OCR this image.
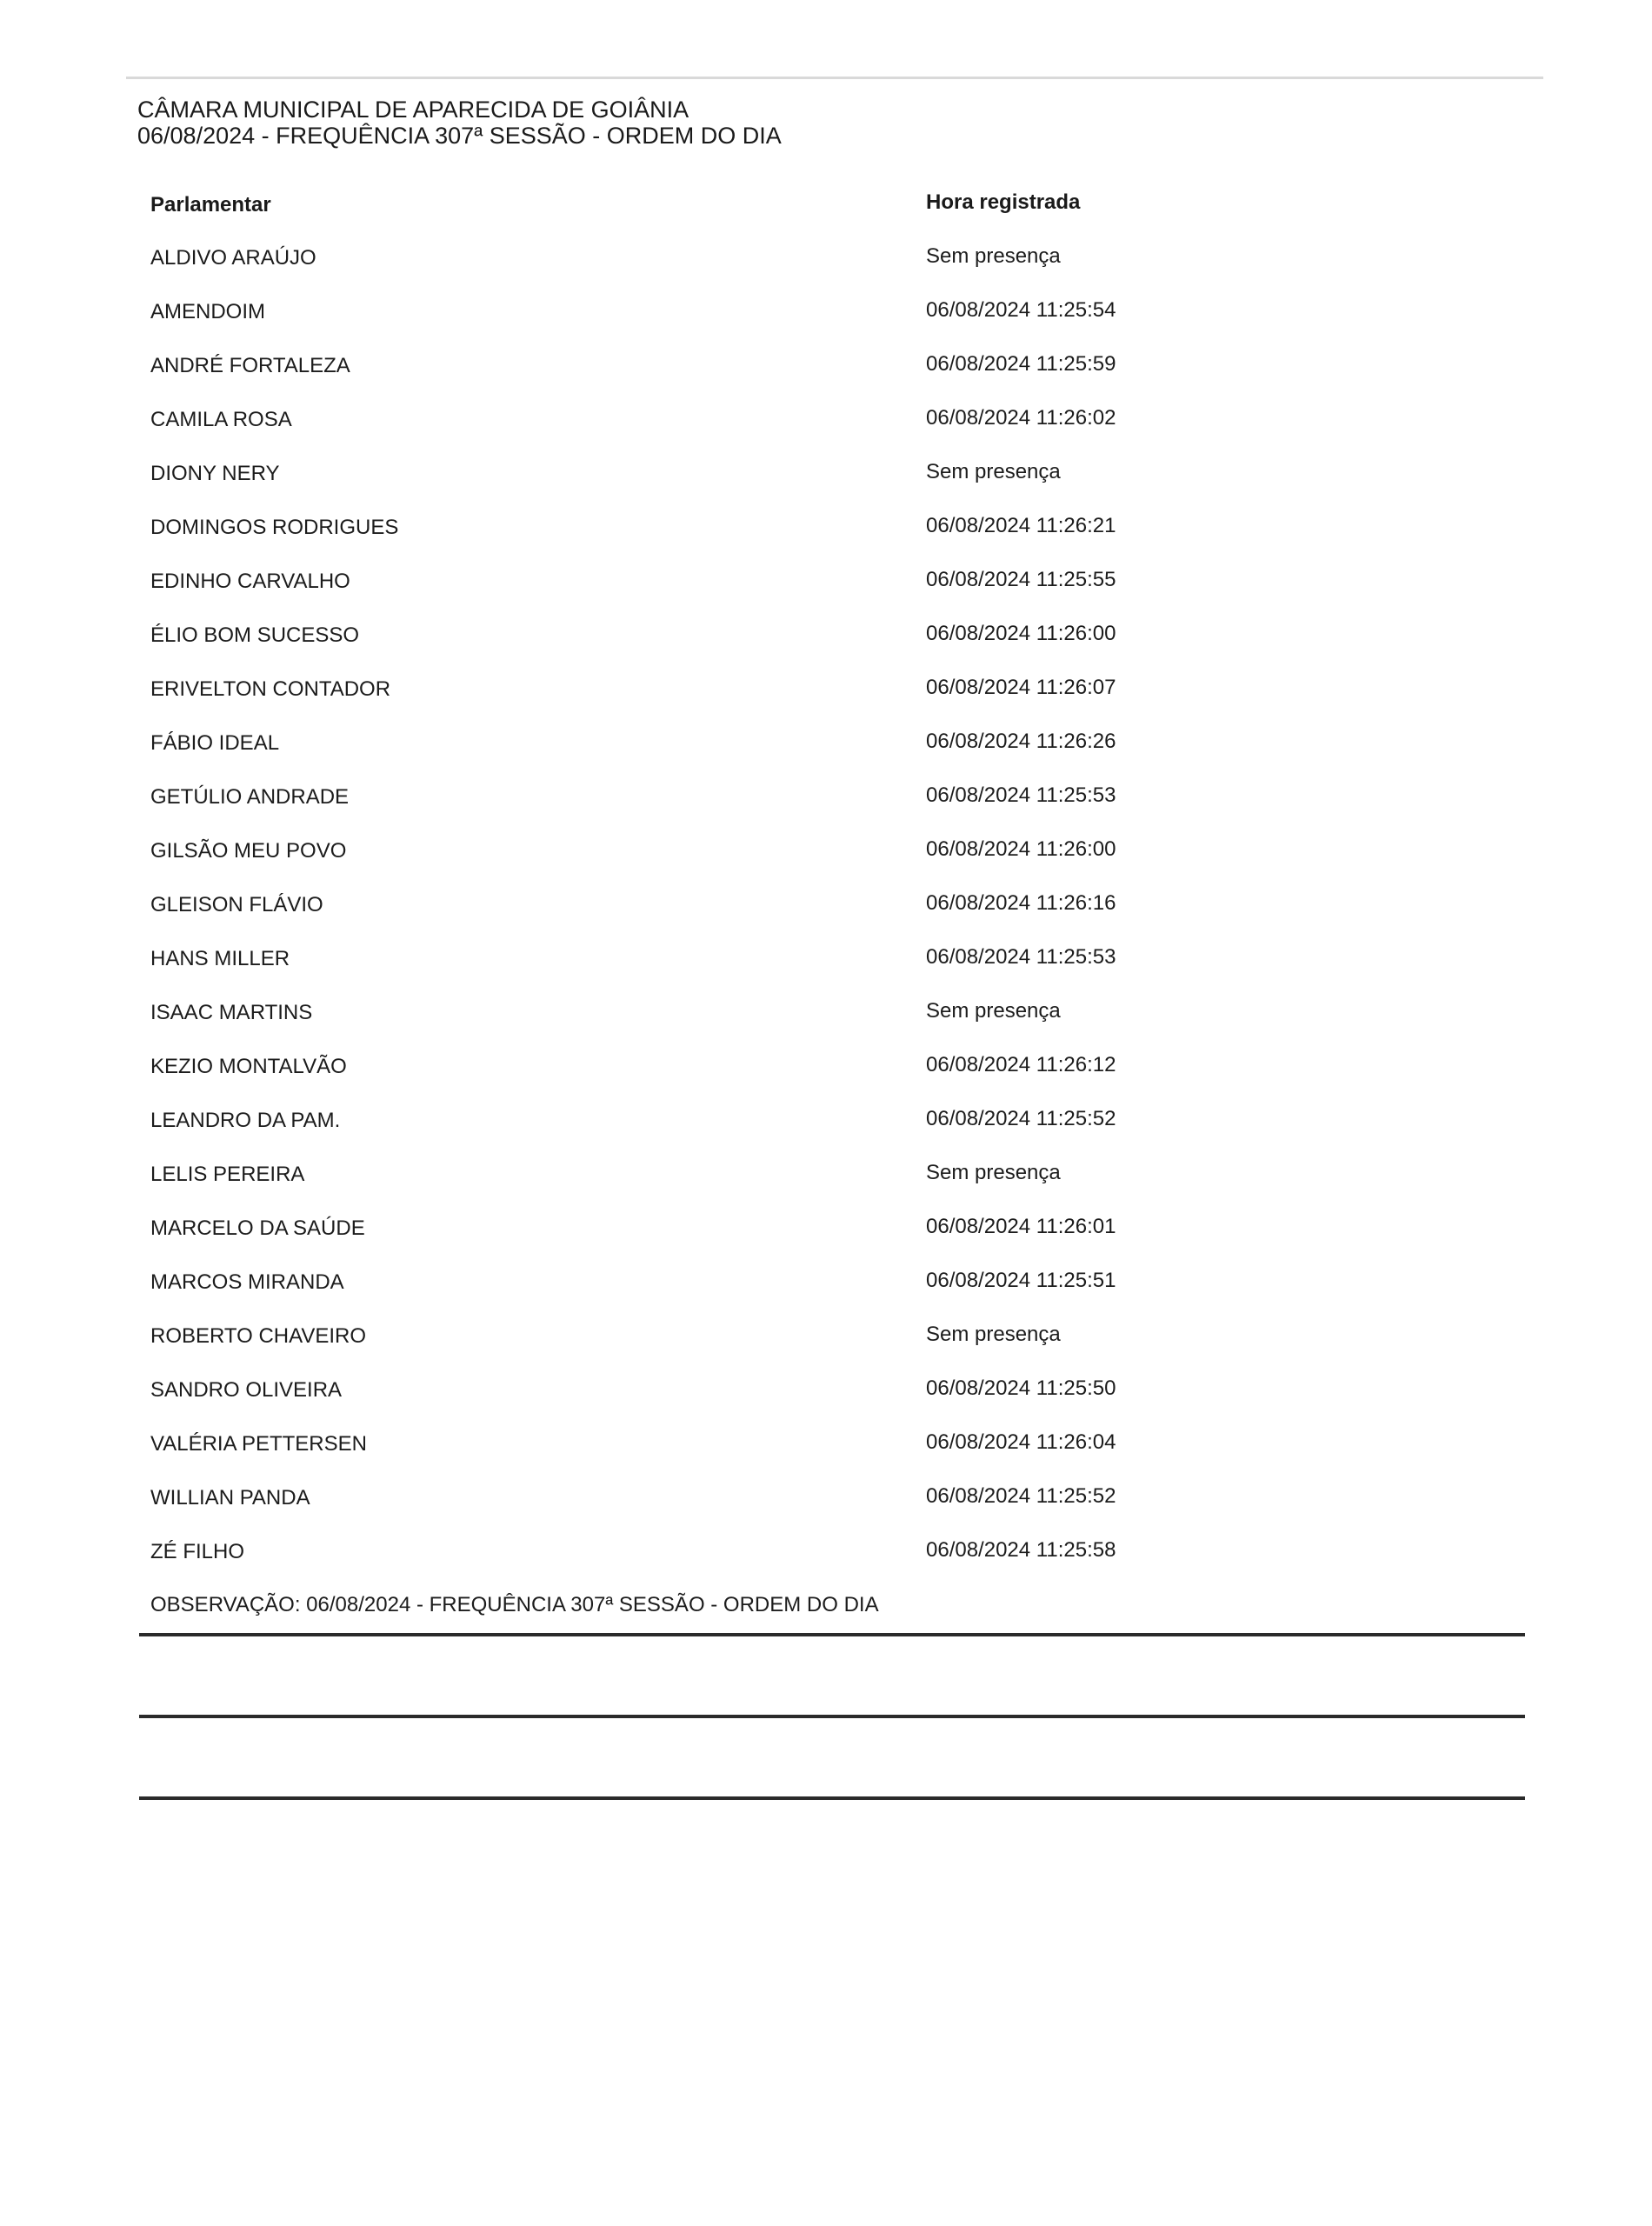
CÂMARA MUNICIPAL DE APARECIDA DE GOIÂNIA
06/08/2024 - FREQUÊNCIA 307ª SESSÃO - ORDEM DO DIA
Parlamentar	Hora registrada
ALDIVO ARAÚJO	Sem presença
AMENDOIM	06/08/2024 11:25:54
ANDRÉ FORTALEZA	06/08/2024 11:25:59
CAMILA ROSA	06/08/2024 11:26:02
DIONY NERY	Sem presença
DOMINGOS RODRIGUES	06/08/2024 11:26:21
EDINHO CARVALHO	06/08/2024 11:25:55
ÉLIO BOM SUCESSO	06/08/2024 11:26:00
ERIVELTON CONTADOR	06/08/2024 11:26:07
FÁBIO IDEAL	06/08/2024 11:26:26
GETÚLIO ANDRADE	06/08/2024 11:25:53
GILSÃO MEU POVO	06/08/2024 11:26:00
GLEISON FLÁVIO	06/08/2024 11:26:16
HANS MILLER	06/08/2024 11:25:53
ISAAC MARTINS	Sem presença
KEZIO MONTALVÃO	06/08/2024 11:26:12
LEANDRO DA PAM.	06/08/2024 11:25:52
LELIS PEREIRA	Sem presença
MARCELO DA SAÚDE	06/08/2024 11:26:01
MARCOS MIRANDA	06/08/2024 11:25:51
ROBERTO CHAVEIRO	Sem presença
SANDRO OLIVEIRA	06/08/2024 11:25:50
VALÉRIA PETTERSEN	06/08/2024 11:26:04
WILLIAN PANDA	06/08/2024 11:25:52
ZÉ FILHO	06/08/2024 11:25:58
OBSERVAÇÃO: 06/08/2024 - FREQUÊNCIA 307ª SESSÃO - ORDEM DO DIA
